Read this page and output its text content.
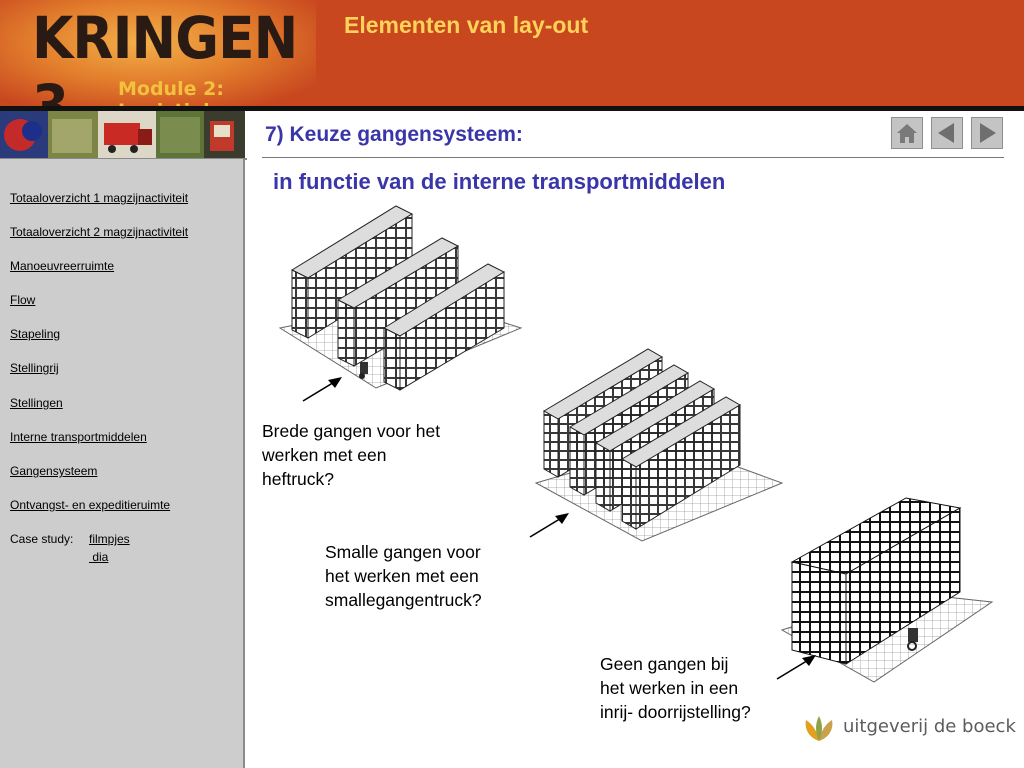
KRINGEN
Module 2:
Elementen van lay-out
Totaaloverzicht 1 magzijnactiviteit
Totaaloverzicht 2 magzijnactiviteit
Manoeuvreerruimte
Flow
Stapeling
Stellingrij
Stellingen
Interne transportmiddelen
Gangensysteem
Ontvangst- en expeditieruimte
Case study: filmpjes
dia
7) Keuze gangensysteem:
in functie van de interne transportmiddelen
Brede gangen voor het
werken met een
heftruck?
Smalle gangen voor
het werken met een
smallegangentruck?
Geen gangen bij
het werken in een
inrij- doorrijstelling?
uitgeverij de boeck
